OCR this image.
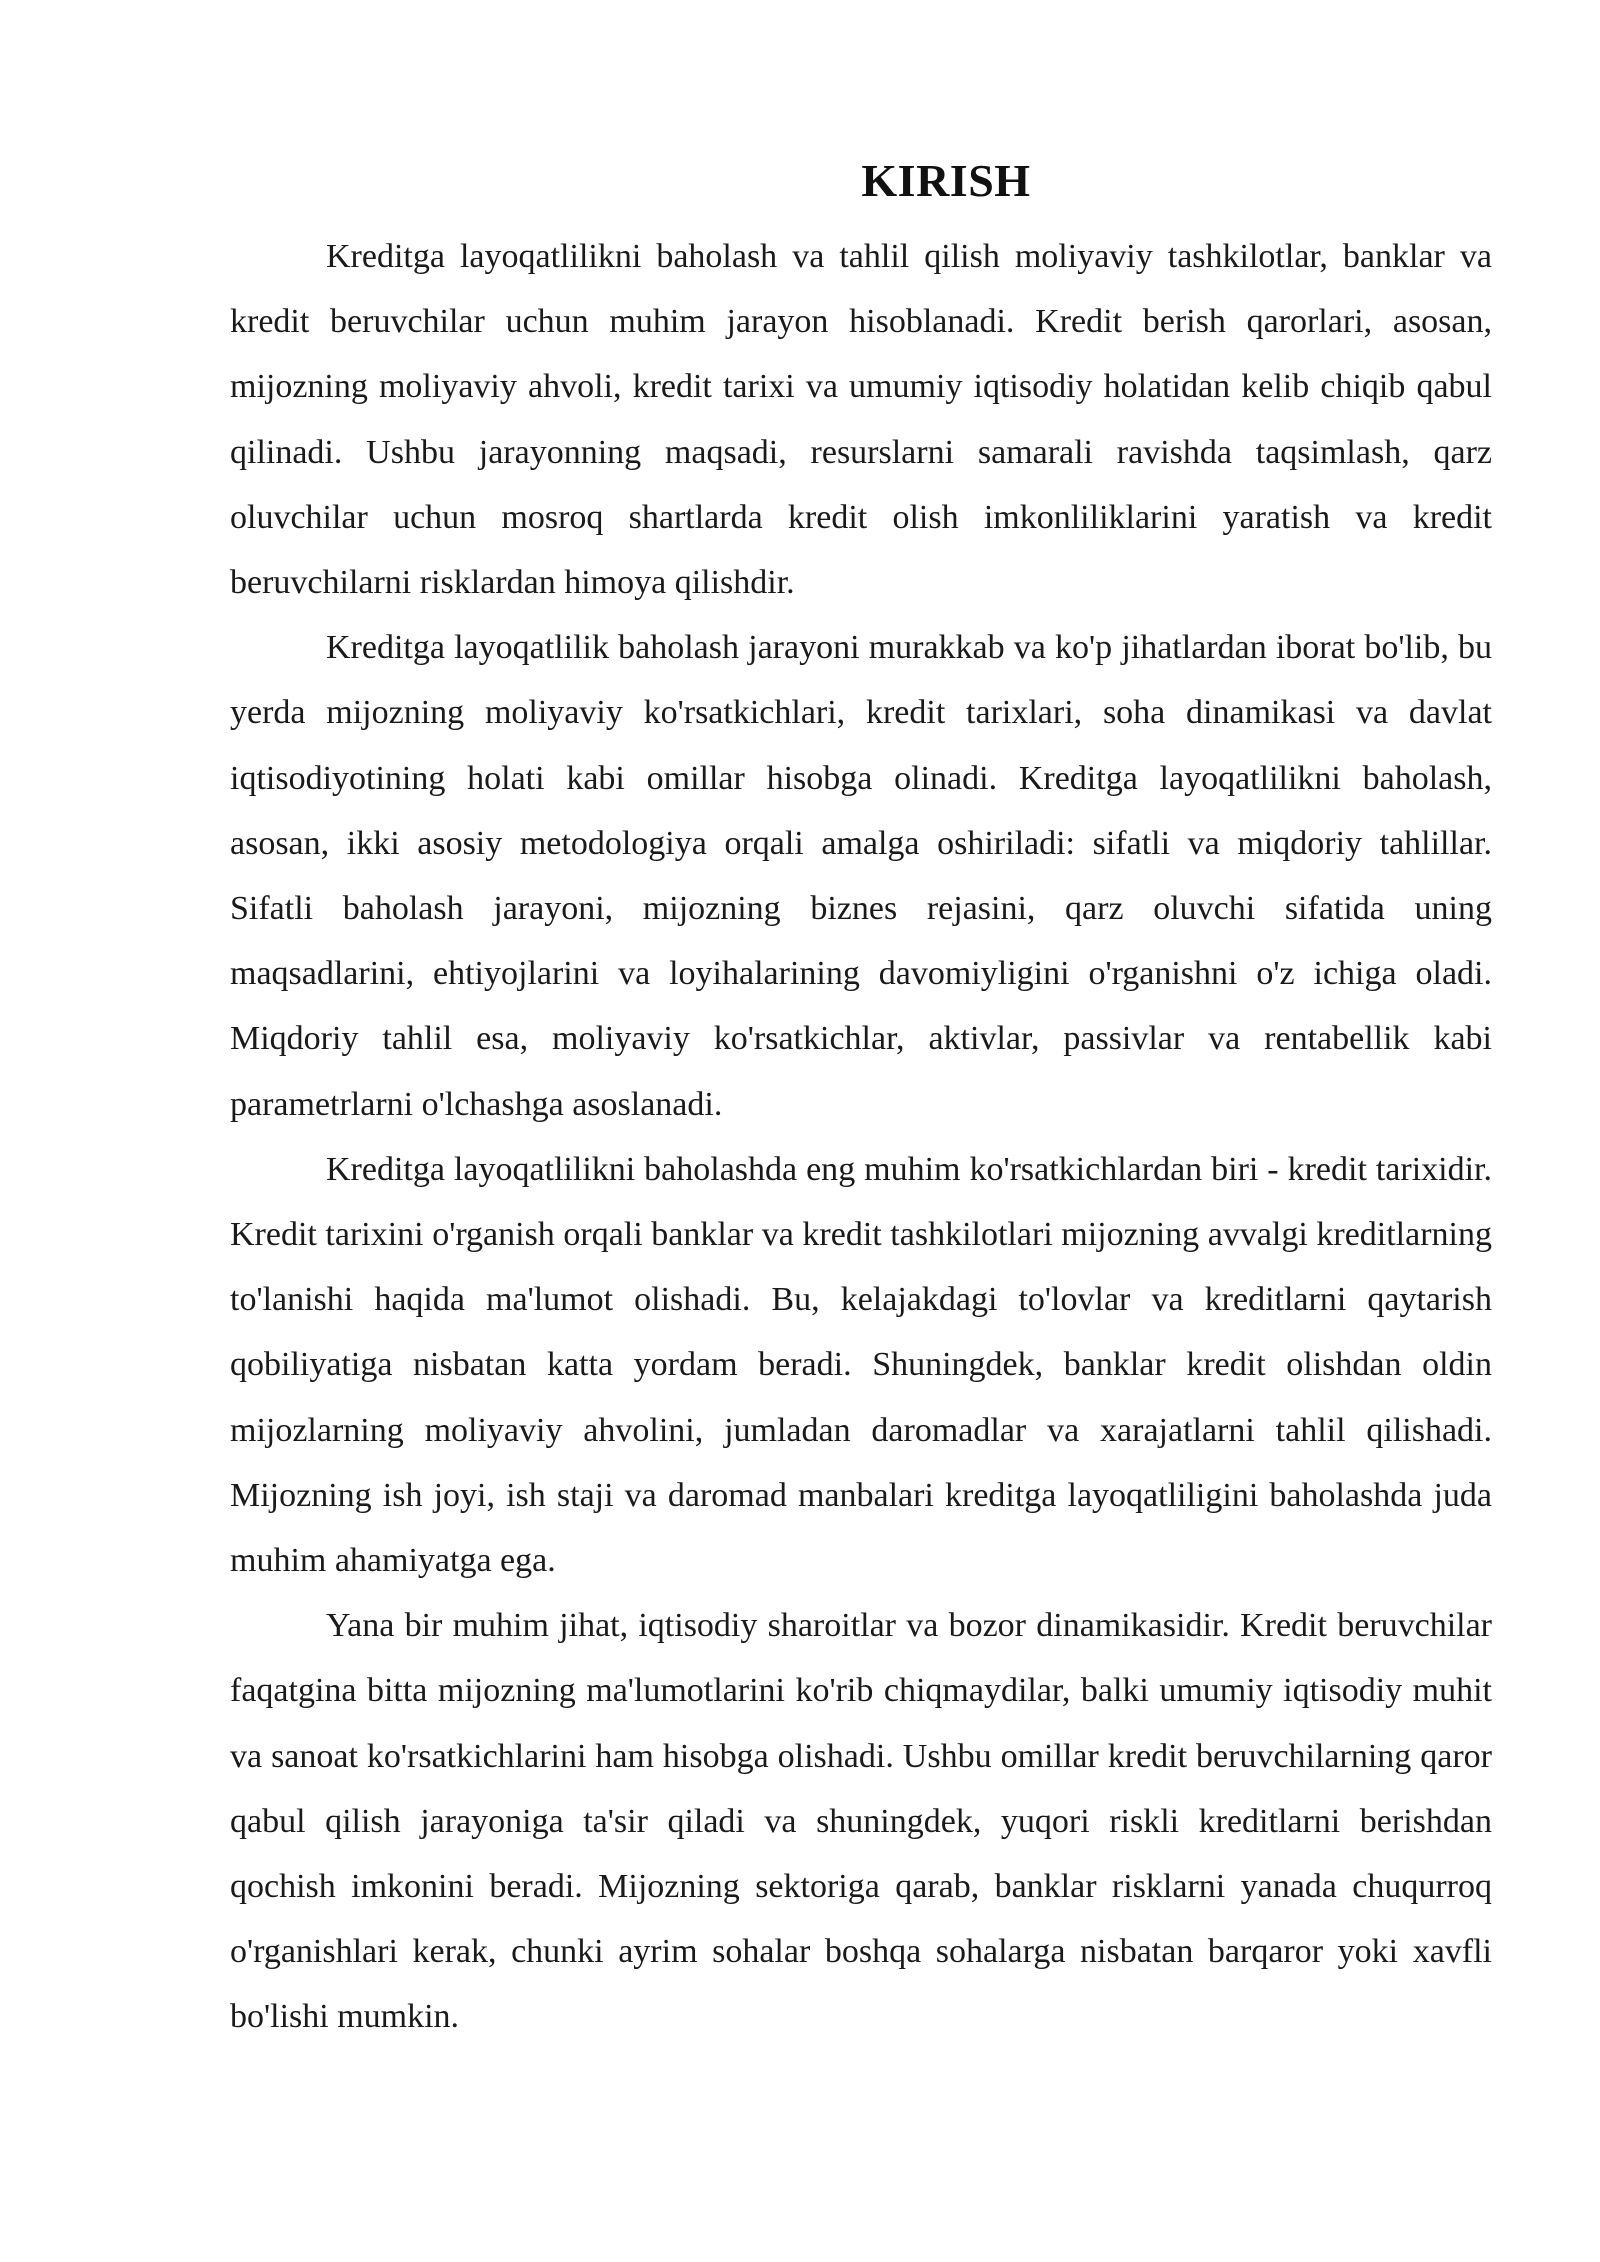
KIRISH

Kreditga layoqatlilikni baholash va tahlil qilish moliyaviy tashkilotlar, banklar va kredit beruvchilar uchun muhim jarayon hisoblanadi. Kredit berish qarorlari, asosan, mijozning moliyaviy ahvoli, kredit tarixi va umumiy iqtisodiy holatidan kelib chiqib qabul qilinadi. Ushbu jarayonning maqsadi, resurslarni samarali ravishda taqsimlash, qarz oluvchilar uchun mosroq shartlarda kredit olish imkonliliklarini yaratish va kredit beruvchilarni risklardan himoya qilishdir.

Kreditga layoqatlilik baholash jarayoni murakkab va ko'p jihatlardan iborat bo'lib, bu yerda mijozning moliyaviy ko'rsatkichlari, kredit tarixlari, soha dinamikasi va davlat iqtisodiyotining holati kabi omillar hisobga olinadi. Kreditga layoqatlilikni baholash, asosan, ikki asosiy metodologiya orqali amalga oshiriladi: sifatli va miqdoriy tahlillar. Sifatli baholash jarayoni, mijozning biznes rejasini, qarz oluvchi sifatida uning maqsadlarini, ehtiyojlarini va loyihalarining davomiyligini o'rganishni o'z ichiga oladi. Miqdoriy tahlil esa, moliyaviy ko'rsatkichlar, aktivlar, passivlar va rentabellik kabi parametrlarni o'lchashga asoslanadi.

Kreditga layoqatlilikni baholashda eng muhim ko'rsatkichlardan biri - kredit tarixidir. Kredit tarixini o'rganish orqali banklar va kredit tashkilotlari mijozning avvalgi kreditlarning to'lanishi haqida ma'lumot olishadi. Bu, kelajakdagi to'lovlar va kreditlarni qaytarish qobiliyatiga nisbatan katta yordam beradi. Shuningdek, banklar kredit olishdan oldin mijozlarning moliyaviy ahvolini, jumladan daromadlar va xarajatlarni tahlil qilishadi. Mijozning ish joyi, ish staji va daromad manbalari kreditga layoqatliligini baholashda juda muhim ahamiyatga ega.

Yana bir muhim jihat, iqtisodiy sharoitlar va bozor dinamikasidir. Kredit beruvchilar faqatgina bitta mijozning ma'lumotlarini ko'rib chiqmaydilar, balki umumiy iqtisodiy muhit va sanoat ko'rsatkichlarini ham hisobga olishadi. Ushbu omillar kredit beruvchilarning qaror qabul qilish jarayoniga ta'sir qiladi va shuningdek, yuqori riskli kreditlarni berishdan qochish imkonini beradi. Mijozning sektoriga qarab, banklar risklarni yanada chuqurroq o'rganishlari kerak, chunki ayrim sohalar boshqa sohalarga nisbatan barqaror yoki xavfli bo'lishi mumkin.
